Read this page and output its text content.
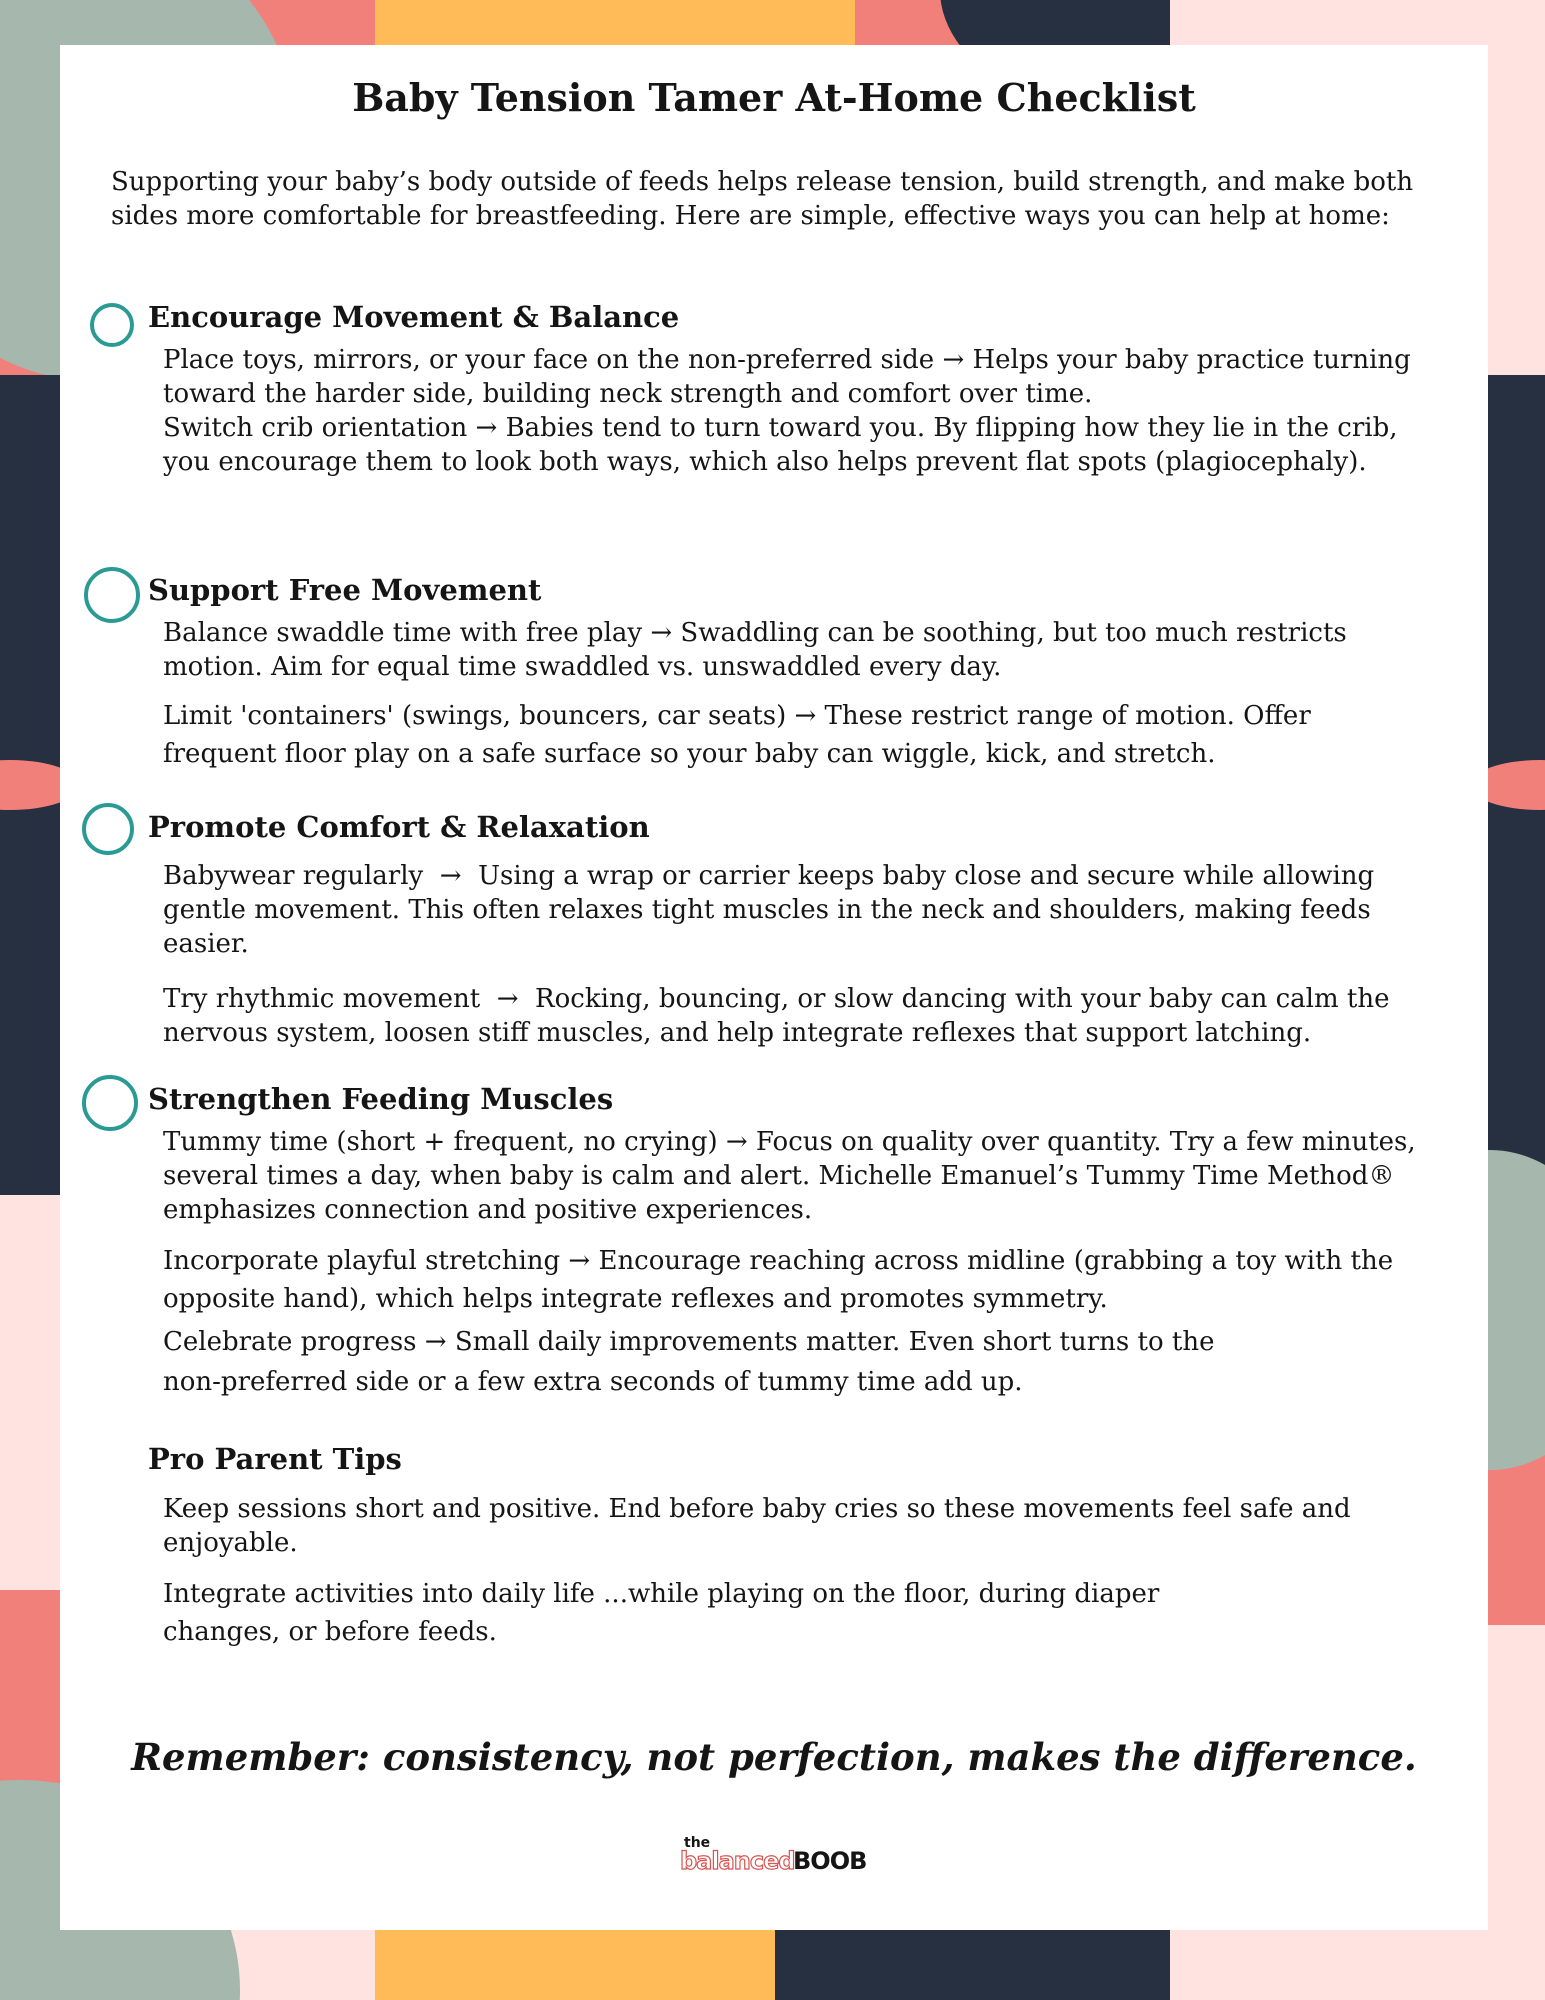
Baby Tension Tamer At-Home Checklist
Supporting your baby’s body outside of feeds helps release tension, build strength, and make both sides more comfortable for breastfeeding. Here are simple, effective ways you can help at home:
Encourage Movement & Balance
Place toys, mirrors, or your face on the non-preferred side → Helps your baby practice turning toward the harder side, building neck strength and comfort over time.
Switch crib orientation → Babies tend to turn toward you. By flipping how they lie in the crib, you encourage them to look both ways, which also helps prevent flat spots (plagiocephaly).
Support Free Movement
Balance swaddle time with free play → Swaddling can be soothing, but too much restricts motion. Aim for equal time swaddled vs. unswaddled every day.
Limit 'containers' (swings, bouncers, car seats) → These restrict range of motion. Offer frequent floor play on a safe surface so your baby can wiggle, kick, and stretch.
Promote Comfort & Relaxation
Babywear regularly  →  Using a wrap or carrier keeps baby close and secure while allowing gentle movement. This often relaxes tight muscles in the neck and shoulders, making feeds easier.
Try rhythmic movement  →  Rocking, bouncing, or slow dancing with your baby can calm the nervous system, loosen stiff muscles, and help integrate reflexes that support latching.
Strengthen Feeding Muscles
Tummy time (short + frequent, no crying) → Focus on quality over quantity. Try a few minutes, several times a day, when baby is calm and alert. Michelle Emanuel’s Tummy Time Method® emphasizes connection and positive experiences.
Incorporate playful stretching → Encourage reaching across midline (grabbing a toy with the opposite hand), which helps integrate reflexes and promotes symmetry.
Celebrate progress → Small daily improvements matter. Even short turns to the non-preferred side or a few extra seconds of tummy time add up.
Pro Parent Tips
Keep sessions short and positive. End before baby cries so these movements feel safe and enjoyable.
Integrate activities into daily life ...while playing on the floor, during diaper changes, or before feeds.
Remember: consistency, not perfection, makes the difference.
the
balanced
BOOB
